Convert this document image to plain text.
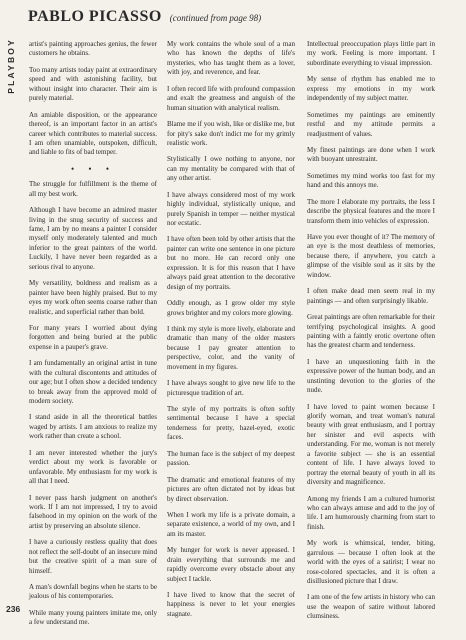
PLAYBOY
236
PABLO PICASSO (continued from page 98)

artist's painting approaches genius, the fewer customers he obtains.

Too many artists today paint at extraordinary speed and with astonishing facility, but without insight into character. Their aim is purely material.

An amiable disposition, or the appearance thereof, is an important factor in an artist's career which contributes to material success. I am often unamiable, outspoken, difficult, and liable to fits of bad temper.

• • •

The struggle for fulfillment is the theme of all my best work.

Although I have become an admired master living in the snug security of success and fame, I am by no means a painter I consider myself only moderately talented and much inferior to the great painters of the world. Luckily, I have never been regarded as a serious rival to anyone.

My versatility, boldness and realism as a painter have been highly praised. But to my eyes my work often seems coarse rather than realistic, and superficial rather than bold.

For many years I worried about dying forgotten and being buried at the public expense in a pauper's grave.

I am fundamentally an original artist in tune with the cultural discontents and attitudes of our age; but I often show a decided tendency to break away from the approved mold of modern society.

I stand aside in all the theoretical battles waged by artists. I am anxious to realize my work rather than create a school.

I am never interested whether the jury's verdict about my work is favorable or unfavorable. My enthusiasm for my work is all that I need.

I never pass harsh judgment on another's work. If I am not impressed, I try to avoid falsehood in my opinion on the work of the artist by preserving an absolute silence.

I have a curiously restless quality that does not reflect the self-doubt of an insecure mind but the creative spirit of a man sure of himself.

A man's downfall begins when he starts to be jealous of his contemporaries.

While many young painters imitate me, only a few understand me.

My work contains the whole soul of a man who has known the depths of life's mysteries, who has taught them as a lover, with joy, and reverence, and fear.

I often record life with profound compassion and exalt the greatness and anguish of the human situation with analytical realism.

Blame me if you wish, like or dislike me, but for pity's sake don't indict me for my grimly realistic work.

Stylistically I owe nothing to anyone, nor can my mentality be compared with that of any other artist.

I have always considered most of my work highly individual, stylistically unique, and purely Spanish in temper — neither mystical nor ecstatic.

I have often been told by other artists that the painter can write one sentence in one picture but no more. He can record only one expression. It is for this reason that I have always paid great attention to the decorative design of my portraits.

Oddly enough, as I grow older my style grows brighter and my colors more glowing.

I think my style is more lively, elaborate and dramatic than many of the older masters because I pay greater attention to perspective, color, and the vanity of movement in my figures.

I have always sought to give new life to the picturesque tradition of art.

The style of my portraits is often softly sentimental because I have a special tenderness for pretty, hazel-eyed, exotic faces.

The human face is the subject of my deepest passion.

The dramatic and emotional features of my pictures are often dictated not by ideas but by direct observation.

When I work my life is a private domain, a separate existence, a world of my own, and I am its master.

My hunger for work is never appeased. I drain everything that surrounds me and rapidly overcome every obstacle about any subject I tackle.

I have lived to know that the secret of happiness is never to let your energies stagnate.

Intellectual preoccupation plays little part in my work. Feeling is more important. I subordinate everything to visual impression.

My sense of rhythm has enabled me to express my emotions in my work independently of my subject matter.

Sometimes my paintings are eminently restful and my attitude permits a readjustment of values.

My finest paintings are done when I work with buoyant unrestraint.

Sometimes my mind works too fast for my hand and this annoys me.

The more I elaborate my portraits, the less I describe the physical features and the more I transform them into vehicles of expression.

Have you ever thought of it? The memory of an eye is the most deathless of memories, because there, if anywhere, you catch a glimpse of the visible soul as it sits by the window.

I often make dead men seem real in my paintings — and often surprisingly likable.

Great paintings are often remarkable for their terrifying psychological insights. A good painting with a faintly erotic overtone often has the greatest charm and tenderness.

I have an unquestioning faith in the expressive power of the human body, and an unstinting devotion to the glories of the nude.

I have loved to paint women because I glorify woman, and treat woman's natural beauty with great enthusiasm, and I portray her sinister and evil aspects with understanding. For me, woman is not merely a favorite subject — she is an essential content of life. I have always loved to portray the eternal beauty of youth in all its diversity and magnificence.

Among my friends I am a cultured humorist who can always amuse and add to the joy of life. I am humorously charming from start to finish.

My work is whimsical, tender, biting, garrulous — because I often look at the world with the eyes of a satirist; I wear no rose-colored spectacles, and it is often a disillusioned picture that I draw.

I am one of the few artists in history who can use the weapon of satire without labored clumsiness.
